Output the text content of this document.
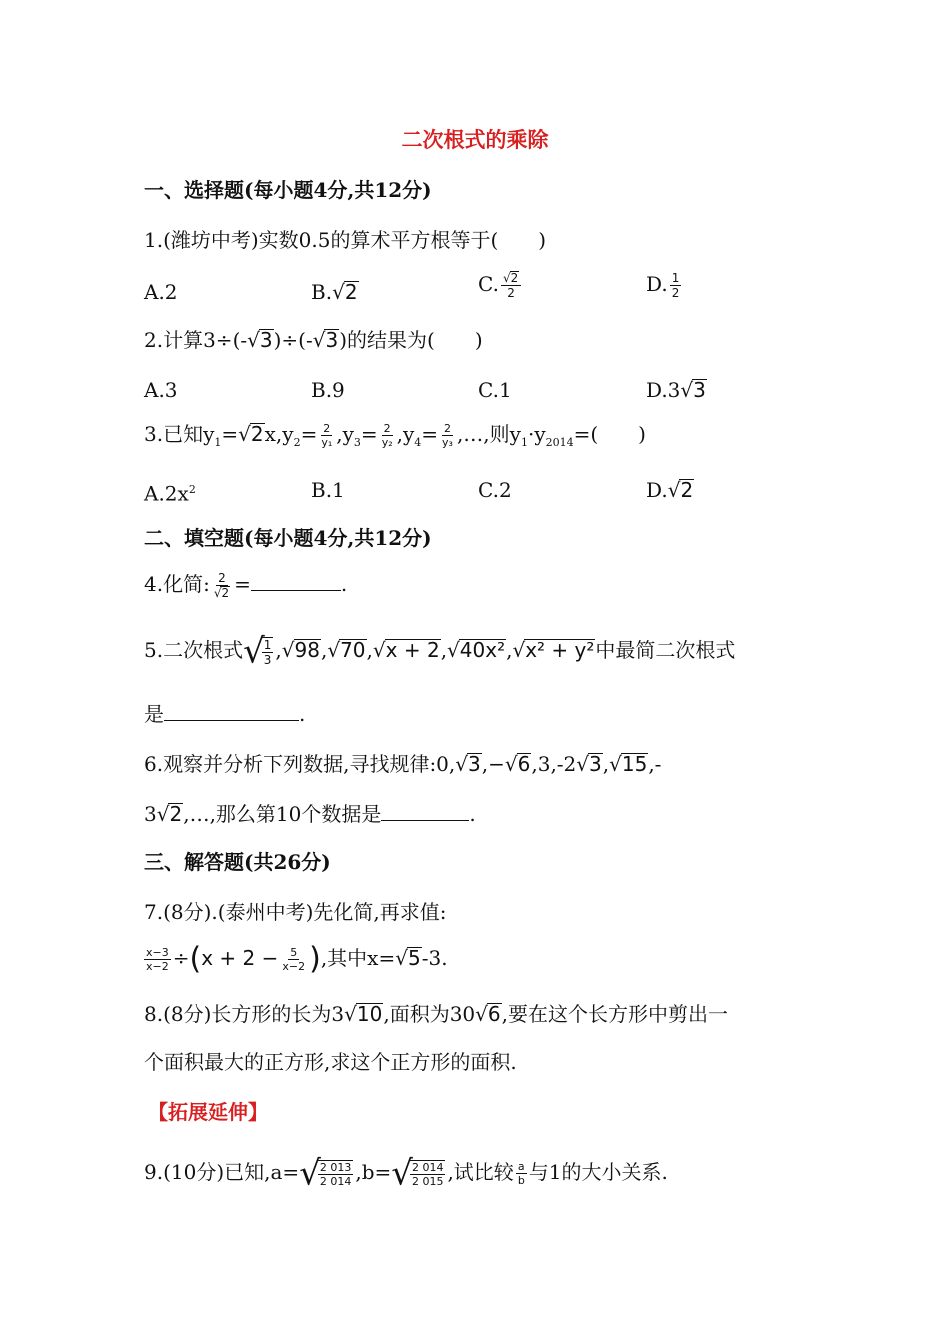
二次根式的乘除
一、选择题(每小题4分,共12分)
1.(潍坊中考)实数0.5的算术平方根等于(　　)
A.2	B.√2	C. $\frac{√2}{2}$	D. $\frac{1}{2}$
2.计算3÷(-√3)÷(-√3)的结果为(　　)
A.3	B.9	C.1	D.3√3
3.已知$y_1=√2x,y_2= \frac{2}{\text{y₁}} ,y_3= \frac{2}{\text{y₂}} ,y_4= \frac{2}{\text{y₃}}$ ,…,则$y_1\cdot y_{2014}=$(　　)
$A.2x^2$	B.1	C.2	D.√2
二、填空题(每小题4分,共12分)
4.化简: $\frac{2}{√2}$ =	.
5.二次根式√
$\frac{1}{3} ,√98,√70,√x + 2,√40x^2,√x^2 + y^2$中最简二次根式
是	.
6.观察并分析下列数据,寻找规律:0,√3,−√6,3,-2√3,√15,-
3√2,…,那么第10个数据是	.
三、解答题(共26分)
7.(8分).(泰州中考)先化简,再求值:
$\frac{x-3}{x-2} \div(x + 2 - \frac{5}{x-2}$ ),其中x=√5-3.
8.(8分)长方形的长为3√10,面积为30√6,要在这个长方形中剪出一
个面积最大的正方形,求这个正方形的面积.
【拓展延伸】
9.(10分)已知,a=√
$\frac{2 013}{2 014} ,b=√$
$\frac{2 014}{2 015}$ ,试比较 $\frac{a}{b}$ 与1的大小关系.
